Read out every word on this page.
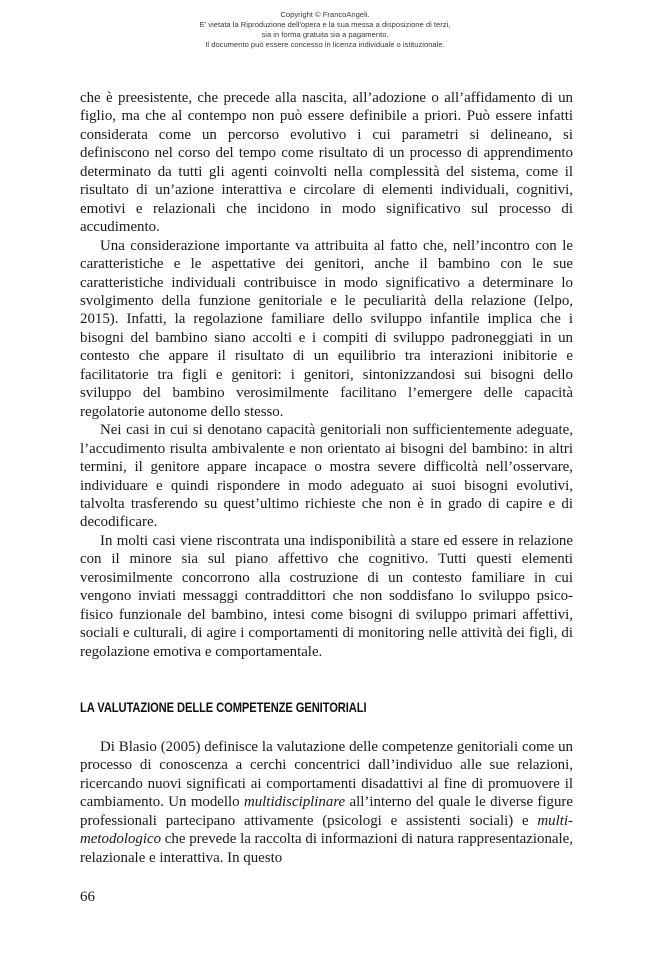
Copyright © FrancoAngeli.
E' vietata la Riproduzione dell'opera e la sua messa a disposizione di terzi,
sia in forma gratuita sia a pagamento.
Il documento può essere concesso in licenza individuale o istituzionale.

che è preesistente, che precede alla nascita, all’adozione o all’affidamento di un figlio, ma che al contempo non può essere definibile a priori. Può essere infatti considerata come un percorso evolutivo i cui parametri si delineano, si definiscono nel corso del tempo come risultato di un processo di apprendimento determinato da tutti gli agenti coinvolti nella complessità del sistema, come il risultato di un’azione interattiva e circolare di elementi individuali, cognitivi, emotivi e relazionali che incidono in modo significativo sul processo di accudimento.

Una considerazione importante va attribuita al fatto che, nell’incontro con le caratteristiche e le aspettative dei genitori, anche il bambino con le sue caratteristiche individuali contribuisce in modo significativo a determinare lo svolgimento della funzione genitoriale e le peculiarità della relazione (Ielpo, 2015). Infatti, la regolazione familiare dello sviluppo infantile implica che i bisogni del bambino siano accolti e i compiti di sviluppo padroneggiati in un contesto che appare il risultato di un equilibrio tra interazioni inibitorie e facilitatorie tra figli e genitori: i genitori, sintonizzandosi sui bisogni dello sviluppo del bambino verosimilmente facilitano l’emergere delle capacità regolatorie autonome dello stesso.

Nei casi in cui si denotano capacità genitoriali non sufficientemente adeguate, l’accudimento risulta ambivalente e non orientato ai bisogni del bambino: in altri termini, il genitore appare incapace o mostra severe difficoltà nell’osservare, individuare e quindi rispondere in modo adeguato ai suoi bisogni evolutivi, talvolta trasferendo su quest’ultimo richieste che non è in grado di capire e di decodificare.

In molti casi viene riscontrata una indisponibilità a stare ed essere in relazione con il minore sia sul piano affettivo che cognitivo. Tutti questi elementi verosimilmente concorrono alla costruzione di un contesto familiare in cui vengono inviati messaggi contraddittori che non soddisfano lo sviluppo psico-fisico funzionale del bambino, intesi come bisogni di sviluppo primari affettivi, sociali e culturali, di agire i comportamenti di monitoring nelle attività dei figli, di regolazione emotiva e comportamentale.

LA VALUTAZIONE DELLE COMPETENZE GENITORIALI

Di Blasio (2005) definisce la valutazione delle competenze genitoriali come un processo di conoscenza a cerchi concentrici dall’individuo alle sue relazioni, ricercando nuovi significati ai comportamenti disadattivi al fine di promuovere il cambiamento. Un modello multidisciplinare all’interno del quale le diverse figure professionali partecipano attivamente (psicologi e assistenti sociali) e multi-metodologico che prevede la raccolta di informazioni di natura rappresentazionale, relazionale e interattiva. In questo

66
